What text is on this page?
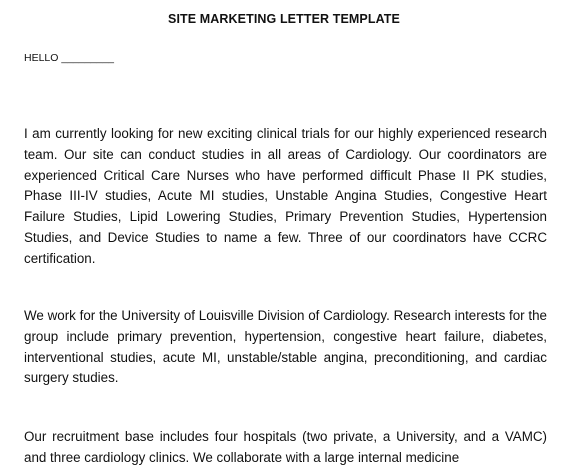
SITE MARKETING LETTER TEMPLATE
HELLO _________

I am currently looking for new exciting clinical trials for our highly experienced research team. Our site can conduct studies in all areas of Cardiology. Our coordinators are experienced Critical Care Nurses who have performed difficult Phase II PK studies, Phase III-IV studies, Acute MI studies, Unstable Angina Studies, Congestive Heart Failure Studies, Lipid Lowering Studies, Primary Prevention Studies, Hypertension Studies, and Device Studies to name a few. Three of our coordinators have CCRC certification.

We work for the University of Louisville Division of Cardiology. Research interests for the group include primary prevention, hypertension, congestive heart failure, diabetes, interventional studies, acute MI, unstable/stable angina, preconditioning, and cardiac surgery studies.

Our recruitment base includes four hospitals (two private, a University, and a VAMC) and three cardiology clinics. We collaborate with a large internal medicine
